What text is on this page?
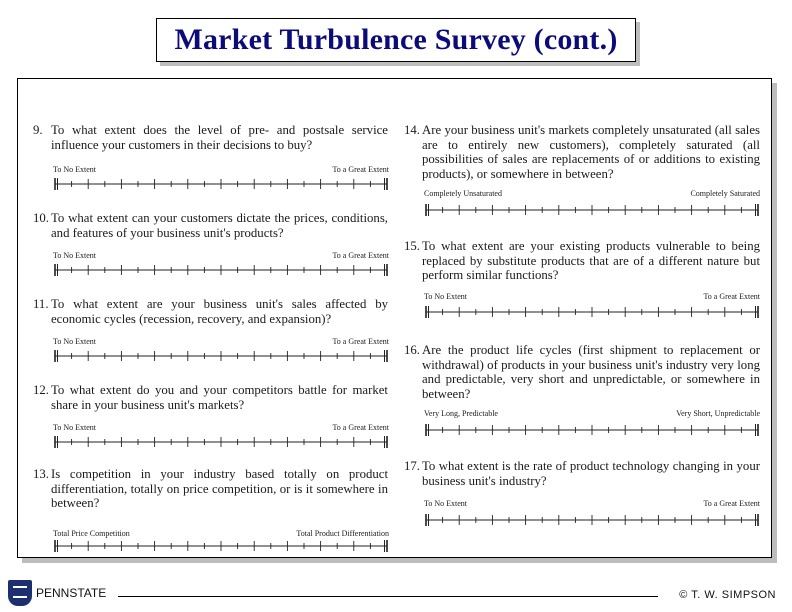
Market Turbulence Survey (cont.)
9. To what extent does the level of pre- and postsale service influence your customers in their decisions to buy?
To No Extent	To a Great Extent
10. To what extent can your customers dictate the prices, conditions, and features of your business unit's products?
To No Extent	To a Great Extent
11. To what extent are your business unit's sales affected by economic cycles (recession, recovery, and expansion)?
To No Extent	To a Great Extent
12. To what extent do you and your competitors battle for market share in your business unit's markets?
To No Extent	To a Great Extent
13. Is competition in your industry based totally on product differentiation, totally on price competition, or is it somewhere in between?
Total Price Competition	Total Product Differentiation
14. Are your business unit's markets completely unsaturated (all sales are to entirely new customers), completely saturated (all possibilities of sales are replacements of or additions to existing products), or somewhere in between?
Completely Unsaturated	Completely Saturated
15. To what extent are your existing products vulnerable to being replaced by substitute products that are of a different nature but perform similar functions?
To No Extent	To a Great Extent
16. Are the product life cycles (first shipment to replacement or withdrawal) of products in your business unit's industry very long and predictable, very short and unpredictable, or somewhere in between?
Very Long, Predictable	Very Short, Unpredictable
17. To what extent is the rate of product technology changing in your business unit's industry?
To No Extent	To a Great Extent
PENNSTATE	© T. W. SIMPSON
